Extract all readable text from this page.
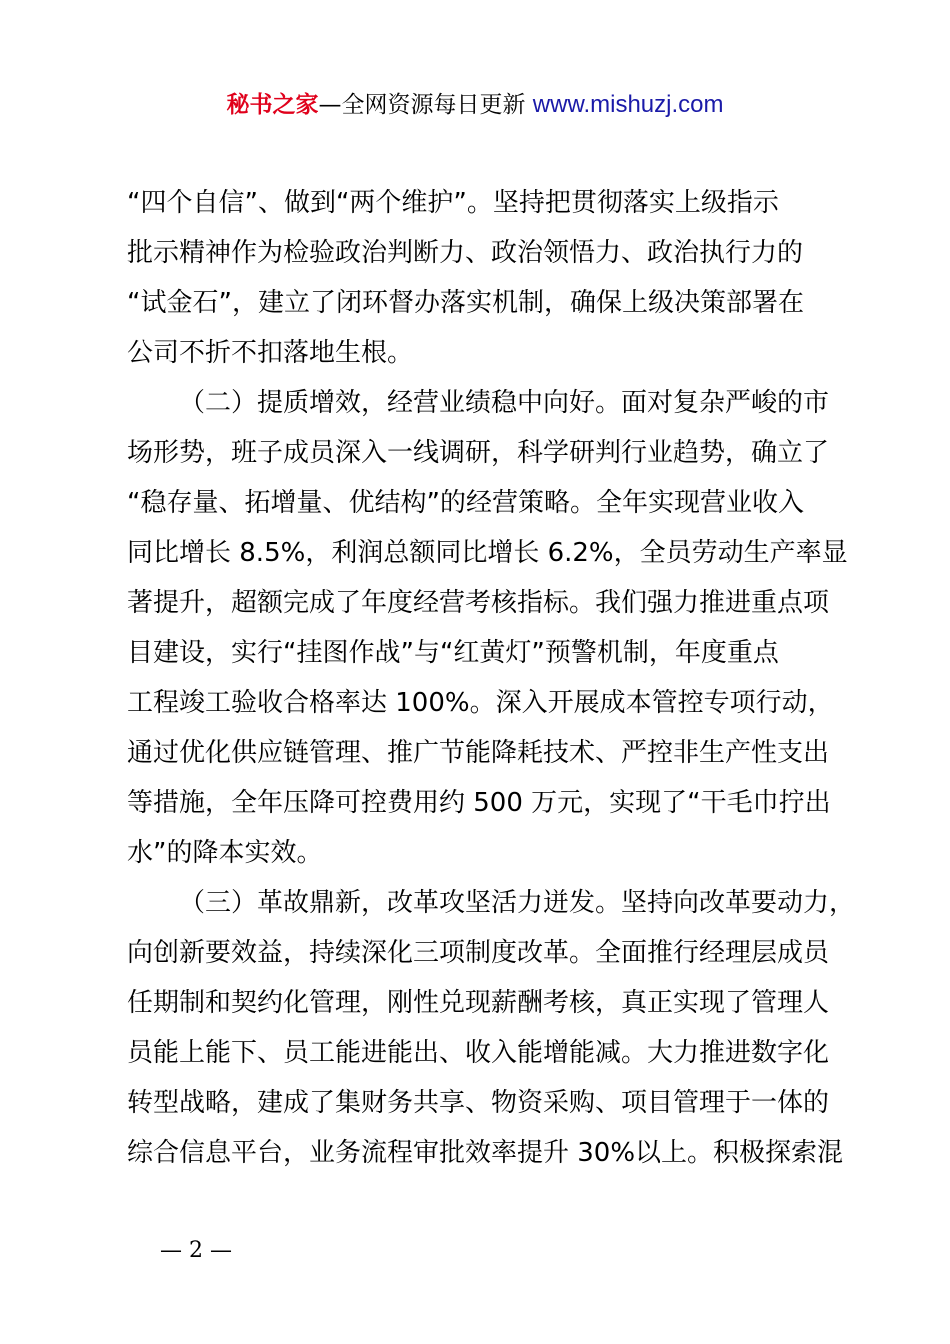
秘书之家—全网资源每日更新 www.mishuzj.com
“四个自信”、做到“两个维护”。坚持把贯彻落实上级指示
批示精神作为检验政治判断力、政治领悟力、政治执行力的
“试金石”，建立了闭环督办落实机制，确保上级决策部署在
公司不折不扣落地生根。
（二）提质增效，经营业绩稳中向好。面对复杂严峻的市
场形势，班子成员深入一线调研，科学研判行业趋势，确立了
“稳存量、拓增量、优结构”的经营策略。全年实现营业收入
同比增长 8.5%，利润总额同比增长 6.2%，全员劳动生产率显
著提升，超额完成了年度经营考核指标。我们强力推进重点项
目建设，实行“挂图作战”与“红黄灯”预警机制，年度重点
工程竣工验收合格率达 100%。深入开展成本管控专项行动，
通过优化供应链管理、推广节能降耗技术、严控非生产性支出
等措施，全年压降可控费用约 500 万元，实现了“干毛巾拧出
水”的降本实效。
（三）革故鼎新，改革攻坚活力迸发。坚持向改革要动力，
向创新要效益，持续深化三项制度改革。全面推行经理层成员
任期制和契约化管理，刚性兑现薪酬考核，真正实现了管理人
员能上能下、员工能进能出、收入能增能减。大力推进数字化
转型战略，建成了集财务共享、物资采购、项目管理于一体的
综合信息平台，业务流程审批效率提升 30%以上。积极探索混
— 2 —
